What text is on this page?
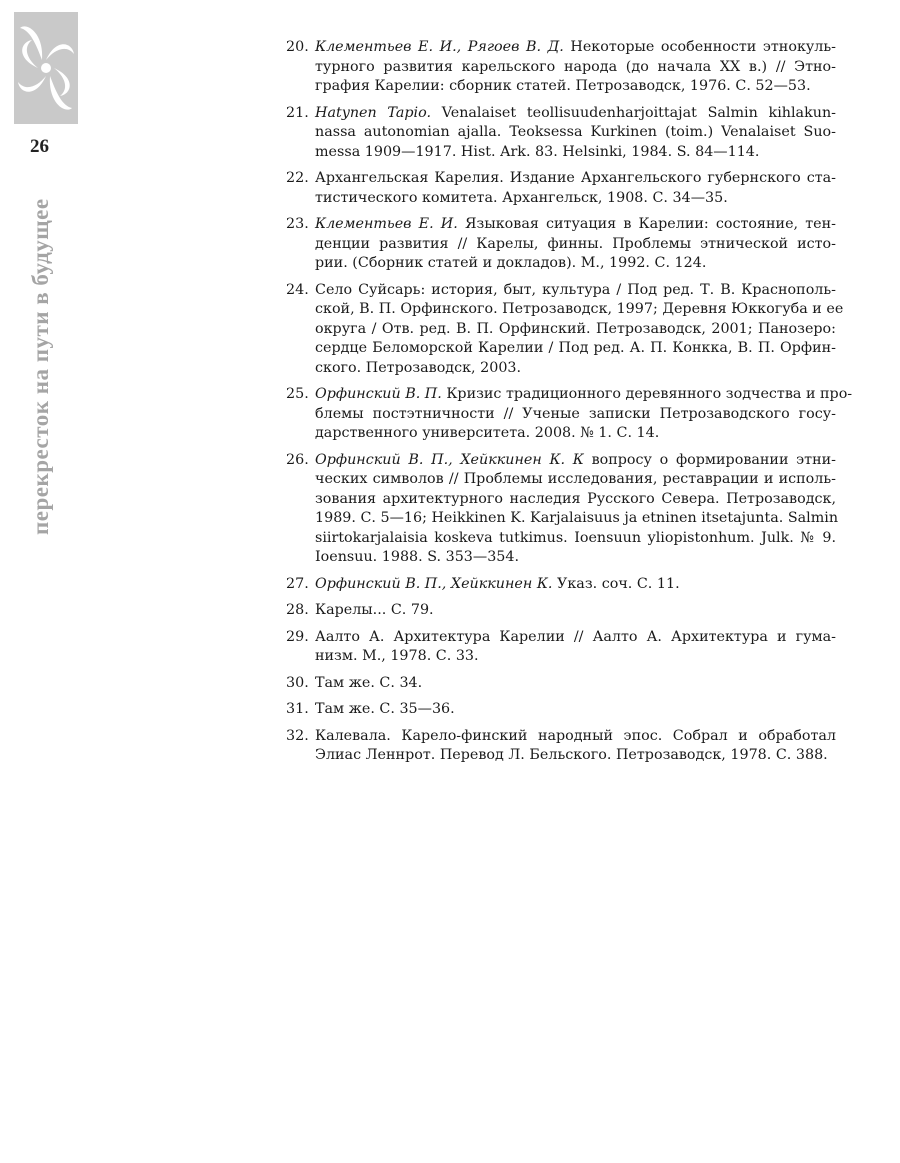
26
перекресток на пути в будущее
20. Клементьев Е. И., Рягоев В. Д. Некоторые особенности этнокуль-
турного развития карельского народа (до начала XX в.) // Этно-
графия Карелии: сборник статей. Петрозаводск, 1976. С. 52—53.
21. Hatynen Tapio. Venalaiset teollisuudenharjoittajat Salmin kihlakun-
nassa autonomian ajalla. Teoksessa Kurkinen (toim.) Venalaiset Suo-
messa 1909—1917. Hist. Ark. 83. Helsinki, 1984. S. 84—114.
22. Архангельская Карелия. Издание Архангельского губернского ста-
тистического комитета. Архангельск, 1908. С. 34—35.
23. Клементьев Е. И. Языковая ситуация в Карелии: состояние, тен-
денции развития // Карелы, финны. Проблемы этнической исто-
рии. (Сборник статей и докладов). М., 1992. С. 124.
24. Село Суйсарь: история, быт, культура / Под ред. Т. В. Краснополь-
ской, В. П. Орфинского. Петрозаводск, 1997; Деревня Юккогуба и ее
округа / Отв. ред. В. П. Орфинский. Петрозаводск, 2001; Панозеро:
сердце Беломорской Карелии / Под ред. А. П. Конкка, В. П. Орфин-
ского. Петрозаводск, 2003.
25. Орфинский В. П. Кризис традиционного деревянного зодчества и про-
блемы постэтничности // Ученые записки Петрозаводского госу-
дарственного университета. 2008. № 1. С. 14.
26. Орфинский В. П., Хейккинен К. К вопросу о формировании этни-
ческих символов // Проблемы исследования, реставрации и исполь-
зования архитектурного наследия Русского Севера. Петрозаводск,
1989. С. 5—16; Heikkinen K. Karjalaisuus ja etninen itsetajunta. Salmin
siirtokarjalaisia koskeva tutkimus. Ioensuun yliopistonhum. Julk. № 9.
Ioensuu. 1988. S. 353—354.
27. Орфинский В. П., Хейккинен К. Указ. соч. С. 11.
28. Карелы... С. 79.
29. Аалто А. Архитектура Карелии // Аалто А. Архитектура и гума-
низм. М., 1978. С. 33.
30. Там же. С. 34.
31. Там же. С. 35—36.
32. Калевала. Карело-финский народный эпос. Собрал и обработал
Элиас Леннрот. Перевод Л. Бельского. Петрозаводск, 1978. С. 388.
